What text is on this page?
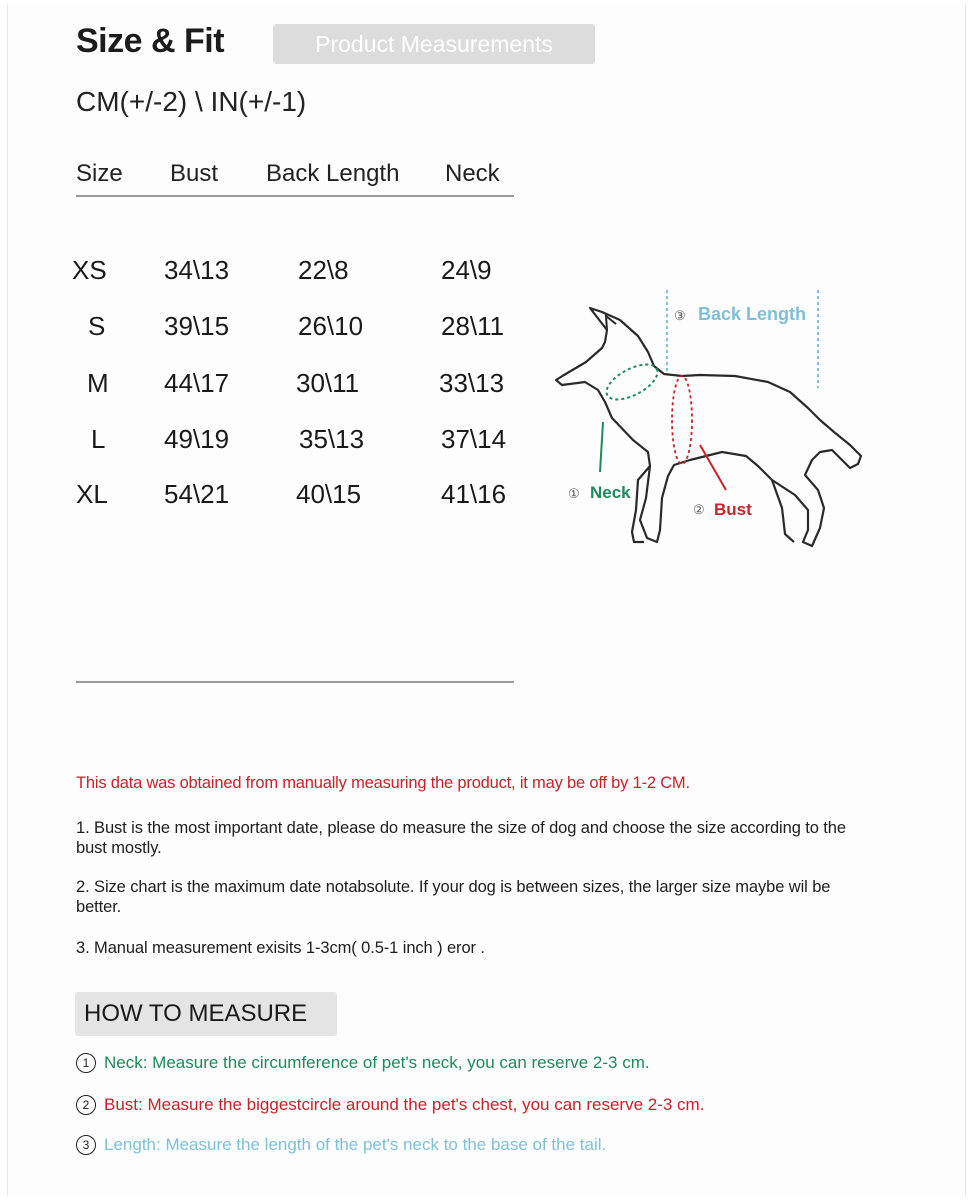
Size & Fit	Product Measurements
CM(+/-2) \ IN(+/-1)
Size Bust Back Length Neck
XS 34\13	22\8	24\9
S 39\15	26\10	28\11
M 44\17	30\11	33\13
L 49\19	35\13	37\14
XL 54\21	40\15	41\16
③ Back Length
① Neck
② Bust
This data was obtained from manually measuring the product, it may be off by 1-2 CM.
1. Bust is the most important date, please do measure the size of dog and choose the size according to the bust mostly.
2. Size chart is the maximum date notabsolute. If your dog is between sizes, the larger size maybe wil be better.
3. Manual measurement exisits 1-3cm( 0.5-1 inch ) eror .
HOW TO MEASURE
1 Neck: Measure the circumference of pet's neck, you can reserve 2-3 cm.
2 Bust: Measure the biggestcircle around the pet's chest, you can reserve 2-3 cm.
3 Length: Measure the length of the pet's neck to the base of the tail.
